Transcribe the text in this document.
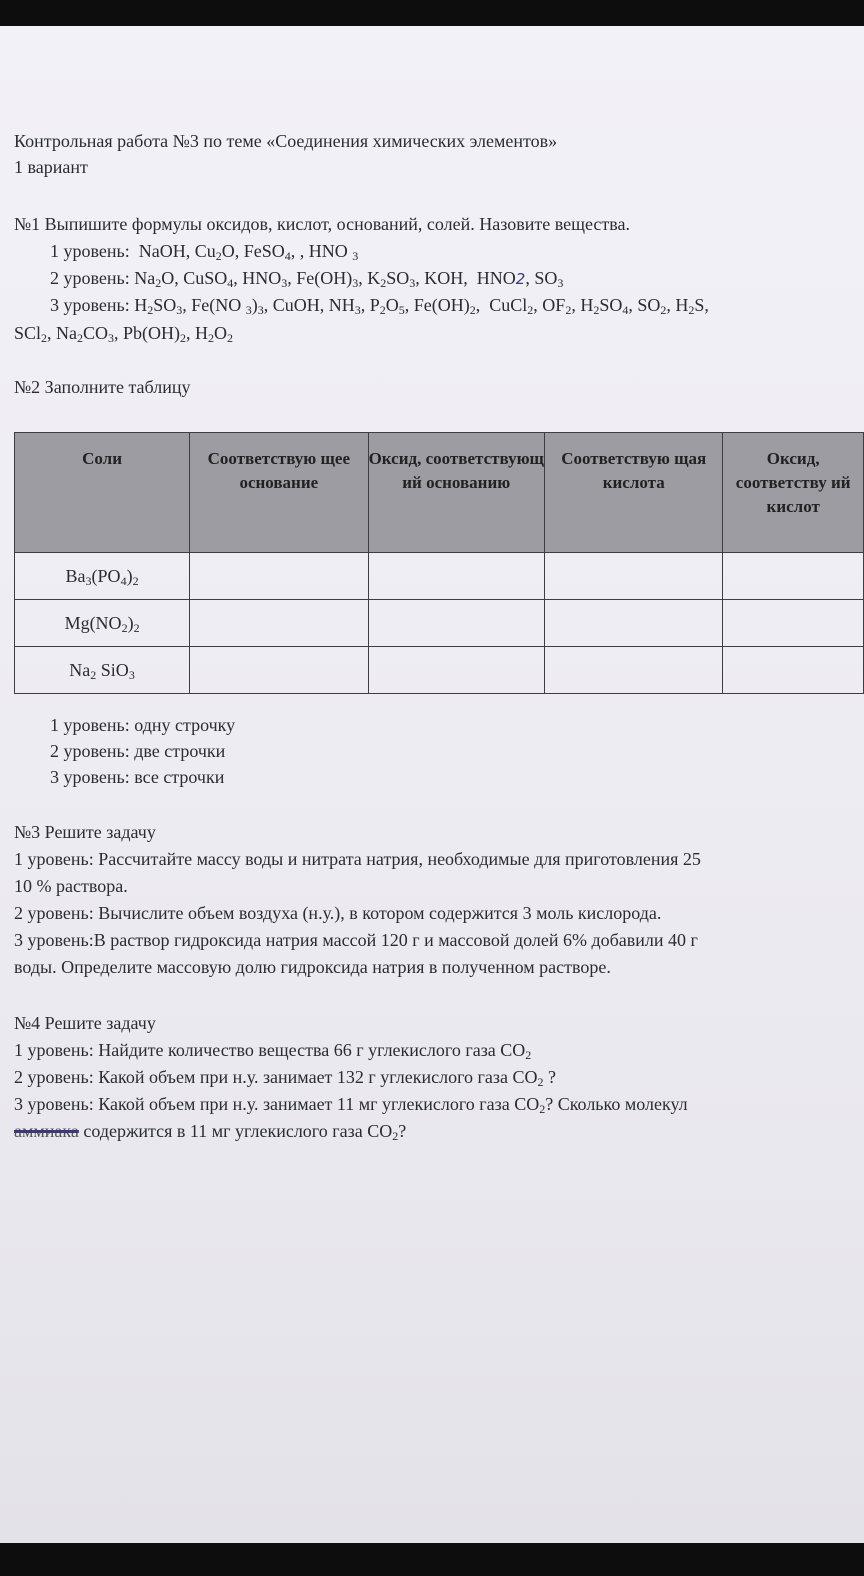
Контрольная работа №3 по теме «Соединения химических элементов»
1 вариант
№1 Выпишите формулы оксидов, кислот, оснований, солей. Назовите вещества.
1 уровень:  NaOH, $Cu_2O$, FeSO$_4$, , HNO $_3$
2 уровень: $Na_2O$, CuSO$_4$, $HNO_3$, $Fe(OH)_3$, $K_2SO_3$, KOH,  HNO2, $SO_3$
3 уровень: $H_2SO_3$, Fe(NO $_3)_3$, CuOH, $NH_3$, $P_2O_5$, $Fe(OH)_2$,  CuCl$_2$, $OF_2$, $H_2SO_4$, $SO_2$, $H_2S$,
SCl$_2$, $Na_2CO_3$, $Pb(OH)_2$, $H_2O_2$
№2 Заполните таблицу
Соли	Соответствую щее основание	Оксид, соответствующ ий основанию	Соответствую щая кислота	Оксид, соответству ий кислот
$Ba_3(PO_4)_2$				
$Mg(NO_2)_2$				
$Na_2$ SiO$_3$				
1 уровень: одну строчку
2 уровень: две строчки
3 уровень: все строчки
№3 Решите задачу
1 уровень: Рассчитайте массу воды и нитрата натрия, необходимые для приготовления 25
10 % раствора.
2 уровень: Вычислите объем воздуха (н.у.), в котором содержится 3 моль кислорода.
3 уровень:В раствор гидроксида натрия массой 120 г и массовой долей 6% добавили 40 г
воды. Определите массовую долю гидроксида натрия в полученном растворе.
№4 Решите задачу
1 уровень: Найдите количество вещества 66 г углекислого газа $CO_2$
2 уровень: Какой объем при н.у. занимает 132 г углекислого газа $CO_2$ ?
3 уровень: Какой объем при н.у. занимает 11 мг углекислого газа $CO_2$? Сколько молекул
аммиака содержится в 11 мг углекислого газа $CO_2$?
